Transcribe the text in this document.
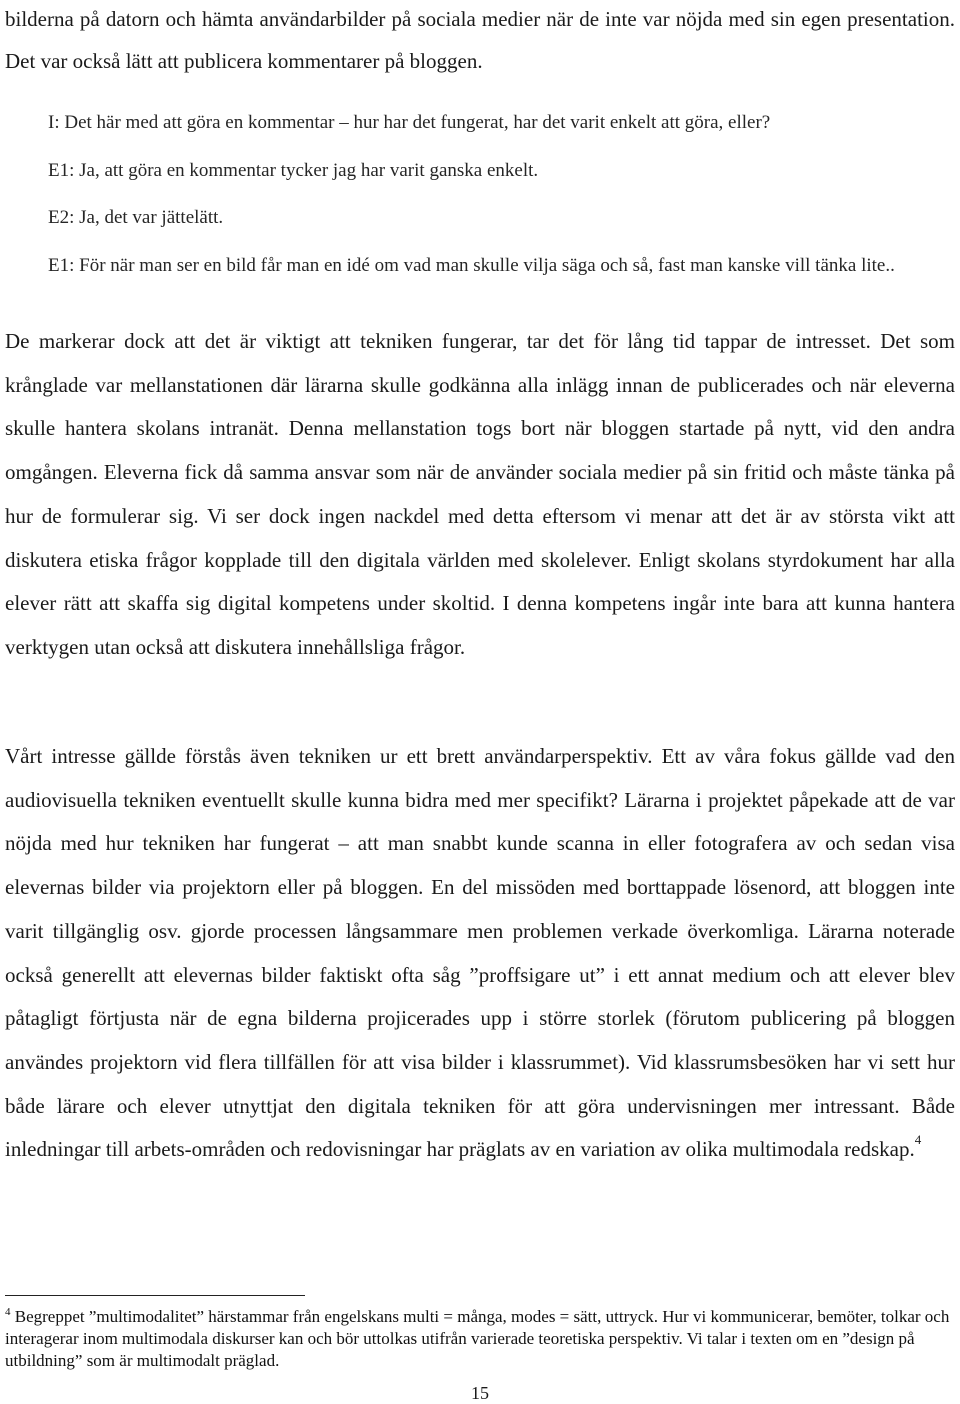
bilderna på datorn och hämta användarbilder på sociala medier när de inte var nöjda med sin egen presentation. Det var också lätt att publicera kommentarer på bloggen.

I: Det här med att göra en kommentar – hur har det fungerat, har det varit enkelt att göra, eller?

E1: Ja, att göra en kommentar tycker jag har varit ganska enkelt.

E2: Ja, det var jättelätt.

E1: För när man ser en bild får man en idé om vad man skulle vilja säga och så, fast man kanske vill tänka lite..

De markerar dock att det är viktigt att tekniken fungerar, tar det för lång tid tappar de intresset. Det som krånglade var mellanstationen där lärarna skulle godkänna alla inlägg innan de publicerades och när eleverna skulle hantera skolans intranät. Denna mellanstation togs bort när bloggen startade på nytt, vid den andra omgången. Eleverna fick då samma ansvar som när de använder sociala medier på sin fritid och måste tänka på hur de formulerar sig. Vi ser dock ingen nackdel med detta eftersom vi menar att det är av största vikt att diskutera etiska frågor kopplade till den digitala världen med skolelever. Enligt skolans styrdokument har alla elever rätt att skaffa sig digital kompetens under skoltid. I denna kompetens ingår inte bara att kunna hantera verktygen utan också att diskutera innehållsliga frågor.

Vårt intresse gällde förstås även tekniken ur ett brett användarperspektiv. Ett av våra fokus gällde vad den audiovisuella tekniken eventuellt skulle kunna bidra med mer specifikt? Lärarna i projektet påpekade att de var nöjda med hur tekniken har fungerat – att man snabbt kunde scanna in eller fotografera av och sedan visa elevernas bilder via projektorn eller på bloggen. En del missöden med borttappade lösenord, att bloggen inte varit tillgänglig osv. gjorde processen långsammare men problemen verkade överkomliga. Lärarna noterade också generellt att elevernas bilder faktiskt ofta såg ”proffsigare ut” i ett annat medium och att elever blev påtagligt förtjusta när de egna bilderna projicerades upp i större storlek (förutom publicering på bloggen användes projektorn vid flera tillfällen för att visa bilder i klassrummet). Vid klassrumsbesöken har vi sett hur både lärare och elever utnyttjat den digitala tekniken för att göra undervisningen mer intressant. Både inledningar till arbets-områden och redovisningar har präglats av en variation av olika multimodala redskap.$^4$

$^4$ Begreppet ”multimodalitet” härstammar från engelskans multi = många, modes = sätt, uttryck. Hur vi kommunicerar, bemöter, tolkar och interagerar inom multimodala diskurser kan och bör uttolkas utifrån varierade teoretiska perspektiv. Vi talar i texten om en ”design på utbildning” som är multimodalt präglad.

15
